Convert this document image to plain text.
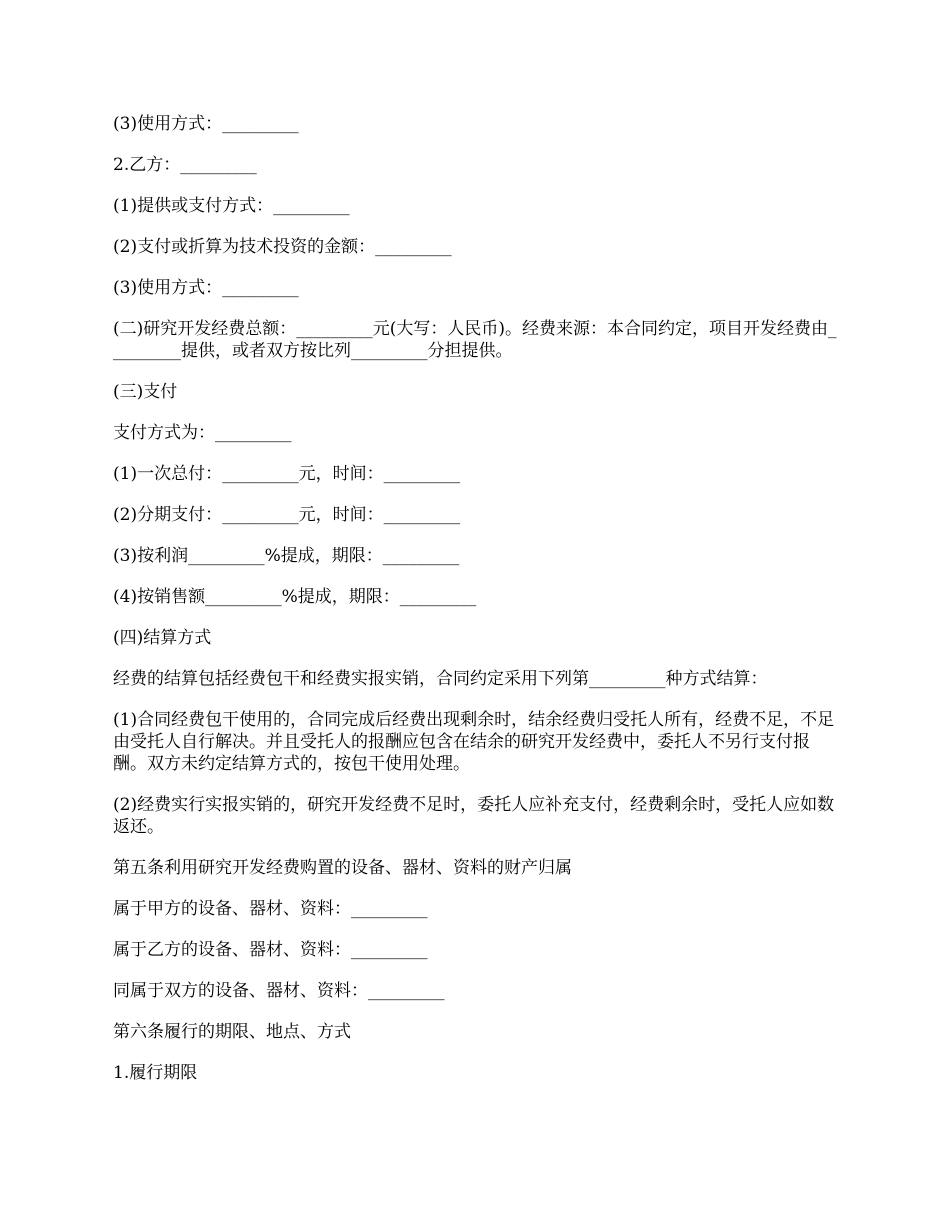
(3)使用方式：_________

2.乙方：_________

(1)提供或支付方式：_________

(2)支付或折算为技术投资的金额：_________

(3)使用方式：_________

(二)研究开发经费总额：_________元(大写：人民币)。经费来源：本合同约定，项目开发经费由_________提供，或者双方按比列_________分担提供。

(三)支付

支付方式为：_________

(1)一次总付：_________元，时间：_________

(2)分期支付：_________元，时间：_________

(3)按利润_________%提成，期限：_________

(4)按销售额_________%提成，期限：_________

(四)结算方式

经费的结算包括经费包干和经费实报实销，合同约定采用下列第_________种方式结算：

(1)合同经费包干使用的，合同完成后经费出现剩余时，结余经费归受托人所有，经费不足，不足由受托人自行解决。并且受托人的报酬应包含在结余的研究开发经费中，委托人不另行支付报酬。双方未约定结算方式的，按包干使用处理。

(2)经费实行实报实销的，研究开发经费不足时，委托人应补充支付，经费剩余时，受托人应如数返还。

第五条利用研究开发经费购置的设备、器材、资料的财产归属

属于甲方的设备、器材、资料：_________

属于乙方的设备、器材、资料：_________

同属于双方的设备、器材、资料：_________

第六条履行的期限、地点、方式

1.履行期限
